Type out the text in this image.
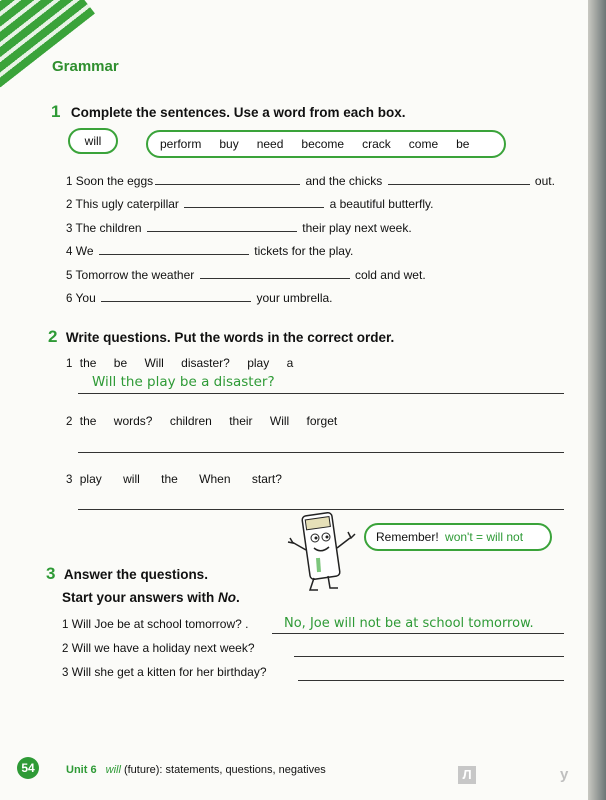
Grammar
1 Complete the sentences. Use a word from each box.
will	perform buy need become crack come be
1 Soon the eggs	and the chicks	out.
2 This ugly caterpillar	a beautiful butterfly.
3 The children	their play next week.
4 We	tickets for the play.
5 Tomorrow the weather	cold and wet.
6 You	your umbrella.
2 Write questions. Put the words in the correct order.
1 the be Will disaster? play a
Will the play be a disaster?
2 the words? children their Will forget
3 play will the When start?
Remember! won't = will not
3 Answer the questions.
Start your answers with No.
1 Will Joe be at school tomorrow? .	No, Joe will not be at school tomorrow.
2 Will we have a holiday next week?
3 Will she get a kitten for her birthday?
54	Unit 6 will (future): statements, questions, negatives	Л	y
